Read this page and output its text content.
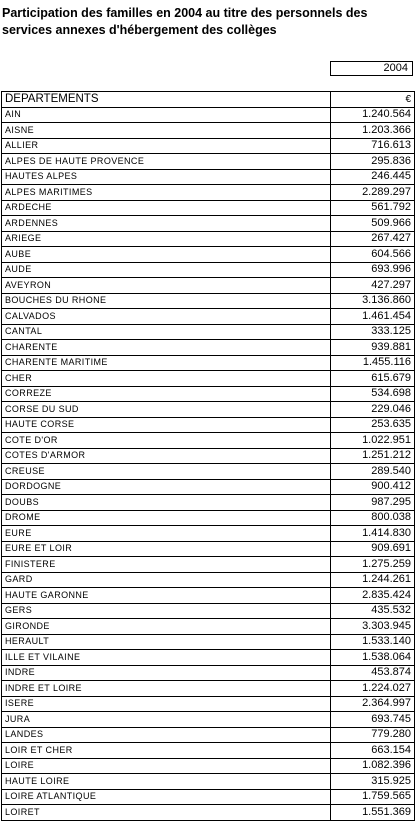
Participation des familles en 2004 au titre des personnels des services annexes d'hébergement des collèges
2004
DEPARTEMENTS	€
AIN	1.240.564
AISNE	1.203.366
ALLIER	716.613
ALPES DE HAUTE PROVENCE	295.836
HAUTES ALPES	246.445
ALPES MARITIMES	2.289.297
ARDECHE	561.792
ARDENNES	509.966
ARIEGE	267.427
AUBE	604.566
AUDE	693.996
AVEYRON	427.297
BOUCHES DU RHONE	3.136.860
CALVADOS	1.461.454
CANTAL	333.125
CHARENTE	939.881
CHARENTE MARITIME	1.455.116
CHER	615.679
CORREZE	534.698
CORSE DU SUD	229.046
HAUTE CORSE	253.635
COTE D'OR	1.022.951
COTES D'ARMOR	1.251.212
CREUSE	289.540
DORDOGNE	900.412
DOUBS	987.295
DROME	800.038
EURE	1.414.830
EURE ET LOIR	909.691
FINISTERE	1.275.259
GARD	1.244.261
HAUTE GARONNE	2.835.424
GERS	435.532
GIRONDE	3.303.945
HERAULT	1.533.140
ILLE ET VILAINE	1.538.064
INDRE	453.874
INDRE ET LOIRE	1.224.027
ISERE	2.364.997
JURA	693.745
LANDES	779.280
LOIR ET CHER	663.154
LOIRE	1.082.396
HAUTE LOIRE	315.925
LOIRE ATLANTIQUE	1.759.565
LOIRET	1.551.369
